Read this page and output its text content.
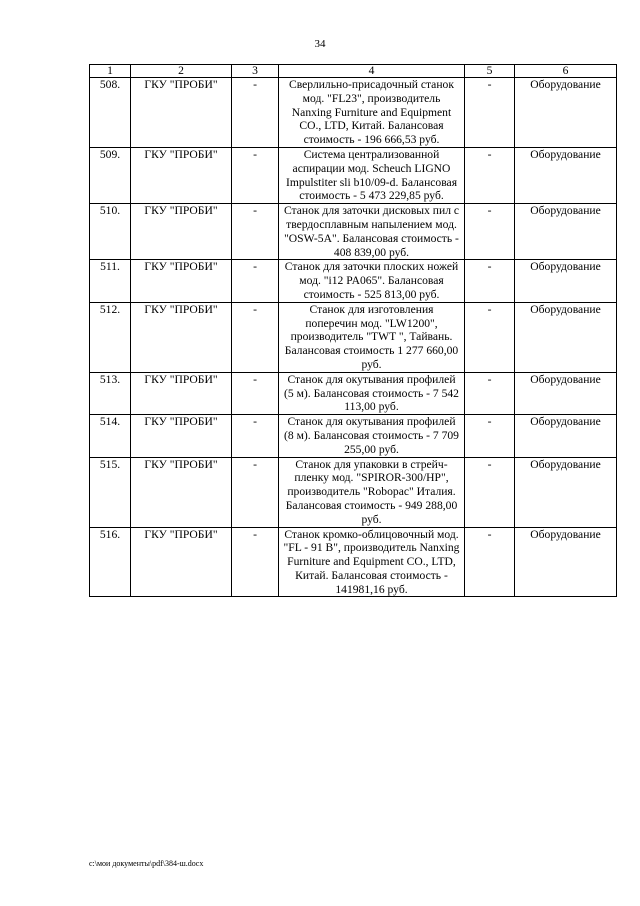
34
1	2	3	4	5	6
508.	ГКУ "ПРОБИ"	-	Сверлильно-присадочный станок мод. "FL23", производитель Nanxing Furniture and Equipment CO., LTD, Китай. Балансовая стоимость - 196 666,53 руб.	-	Оборудование
509.	ГКУ "ПРОБИ"	-	Система централизованной аспирации мод. Scheuch LIGNO Impulstiter sli b10/09-d. Балансовая стоимость - 5 473 229,85 руб.	-	Оборудование
510.	ГКУ "ПРОБИ"	-	Станок для заточки дисковых пил с твердосплавным напылением мод. "OSW-5A". Балансовая стоимость - 408 839,00 руб.	-	Оборудование
511.	ГКУ "ПРОБИ"	-	Станок для заточки плоских ножей мод. "i12 PA065". Балансовая стоимость - 525 813,00 руб.	-	Оборудование
512.	ГКУ "ПРОБИ"	-	Станок для изготовления поперечин мод. "LW1200", производитель "TWT ", Тайвань. Балансовая стоимость 1 277 660,00 руб.	-	Оборудование
513.	ГКУ "ПРОБИ"	-	Станок для окутывания профилей (5 м). Балансовая стоимость - 7 542 113,00 руб.	-	Оборудование
514.	ГКУ "ПРОБИ"	-	Станок для окутывания профилей (8 м). Балансовая стоимость - 7 709 255,00 руб.	-	Оборудование
515.	ГКУ "ПРОБИ"	-	Станок для упаковки в стрейч-пленку мод. "SPIROR-300/HP", производитель "Robopac" Италия. Балансовая стоимость - 949 288,00 руб.	-	Оборудование
516.	ГКУ "ПРОБИ"	-	Станок кромко-облицовочный мод. "FL - 91 B", производитель Nanxing Furniture and Equipment CO., LTD, Китай. Балансовая стоимость - 141981,16 руб.	-	Оборудование
c:\мои документы\pdf\384-ш.docx
